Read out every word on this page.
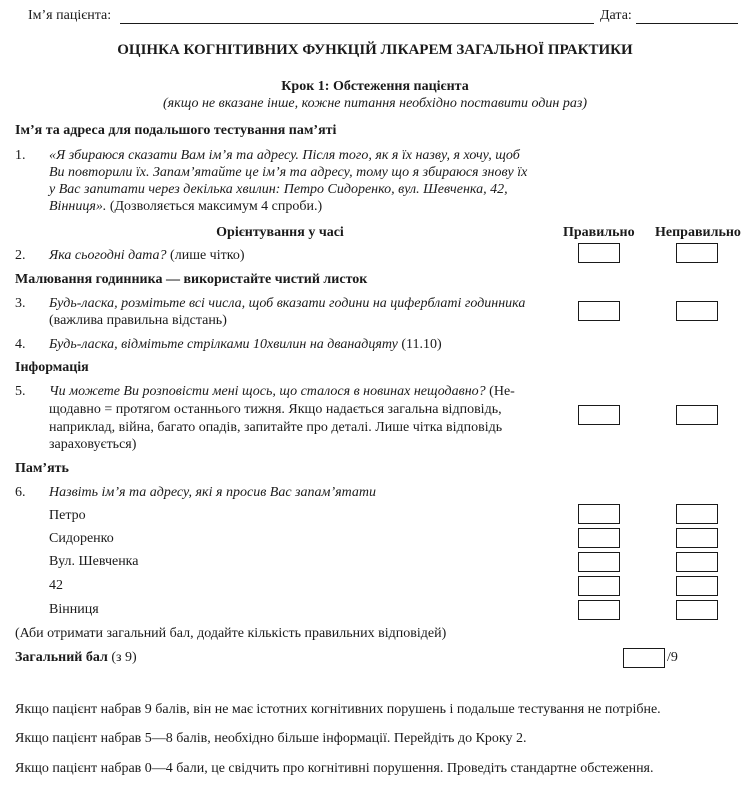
Ім’я пацієнта:	Дата:
ОЦІНКА КОГНІТИВНИХ ФУНКЦІЙ ЛІКАРЕМ ЗАГАЛЬНОЇ ПРАКТИКИ
Крок 1: Обстеження пацієнта
(якщо не вказане інше, кожне питання необхідно поставити один раз)
Ім’я та адреса для подальшого тестування пам’яті
1. «Я збираюся сказати Вам ім’я та адресу. Після того, як я їх назву, я хочу, щоб
Ви повторили їх. Запам’ятайте це ім’я та адресу, тому що я збираюся знову їх
у Вас запитати через декілька хвилин: Петро Сидоренко, вул. Шевченка, 42,
Вінниця». (Дозволяється максимум 4 спроби.)
Орієнтування у часі	Правильно Неправильно
2. Яка сьогодні дата? (лише чітко)
Малювання годинника — використайте чистий листок
3. Будь-ласка, розмітьте всі числа, щоб вказати години на циферблаті годинника
(важлива правильна відстань)
4. Будь-ласка, відмітьте стрілками 10хвилин на дванадцяту (11.10)
Інформація
5. Чи можете Ви розповісти мені щось, що сталося в новинах нещодавно? (Не-
щодавно = протягом останнього тижня. Якщо надається загальна відповідь,
наприклад, війна, багато опадів, запитайте про деталі. Лише чітка відповідь
зараховується)
Пам’ять
6. Назвіть ім’я та адресу, які я просив Вас запам’ятати
Петро
Сидоренко
Вул. Шевченка
42
Вінниця
(Аби отримати загальний бал, додайте кількість правильних відповідей)
Загальний бал (з 9)	/9
Якщо пацієнт набрав 9 балів, він не має істотних когнітивних порушень і подальше тестування не потрібне.
Якщо пацієнт набрав 5—8 балів, необхідно більше інформації. Перейдіть до Кроку 2.
Якщо пацієнт набрав 0—4 бали, це свідчить про когнітивні порушення. Проведіть стандартне обстеження.
